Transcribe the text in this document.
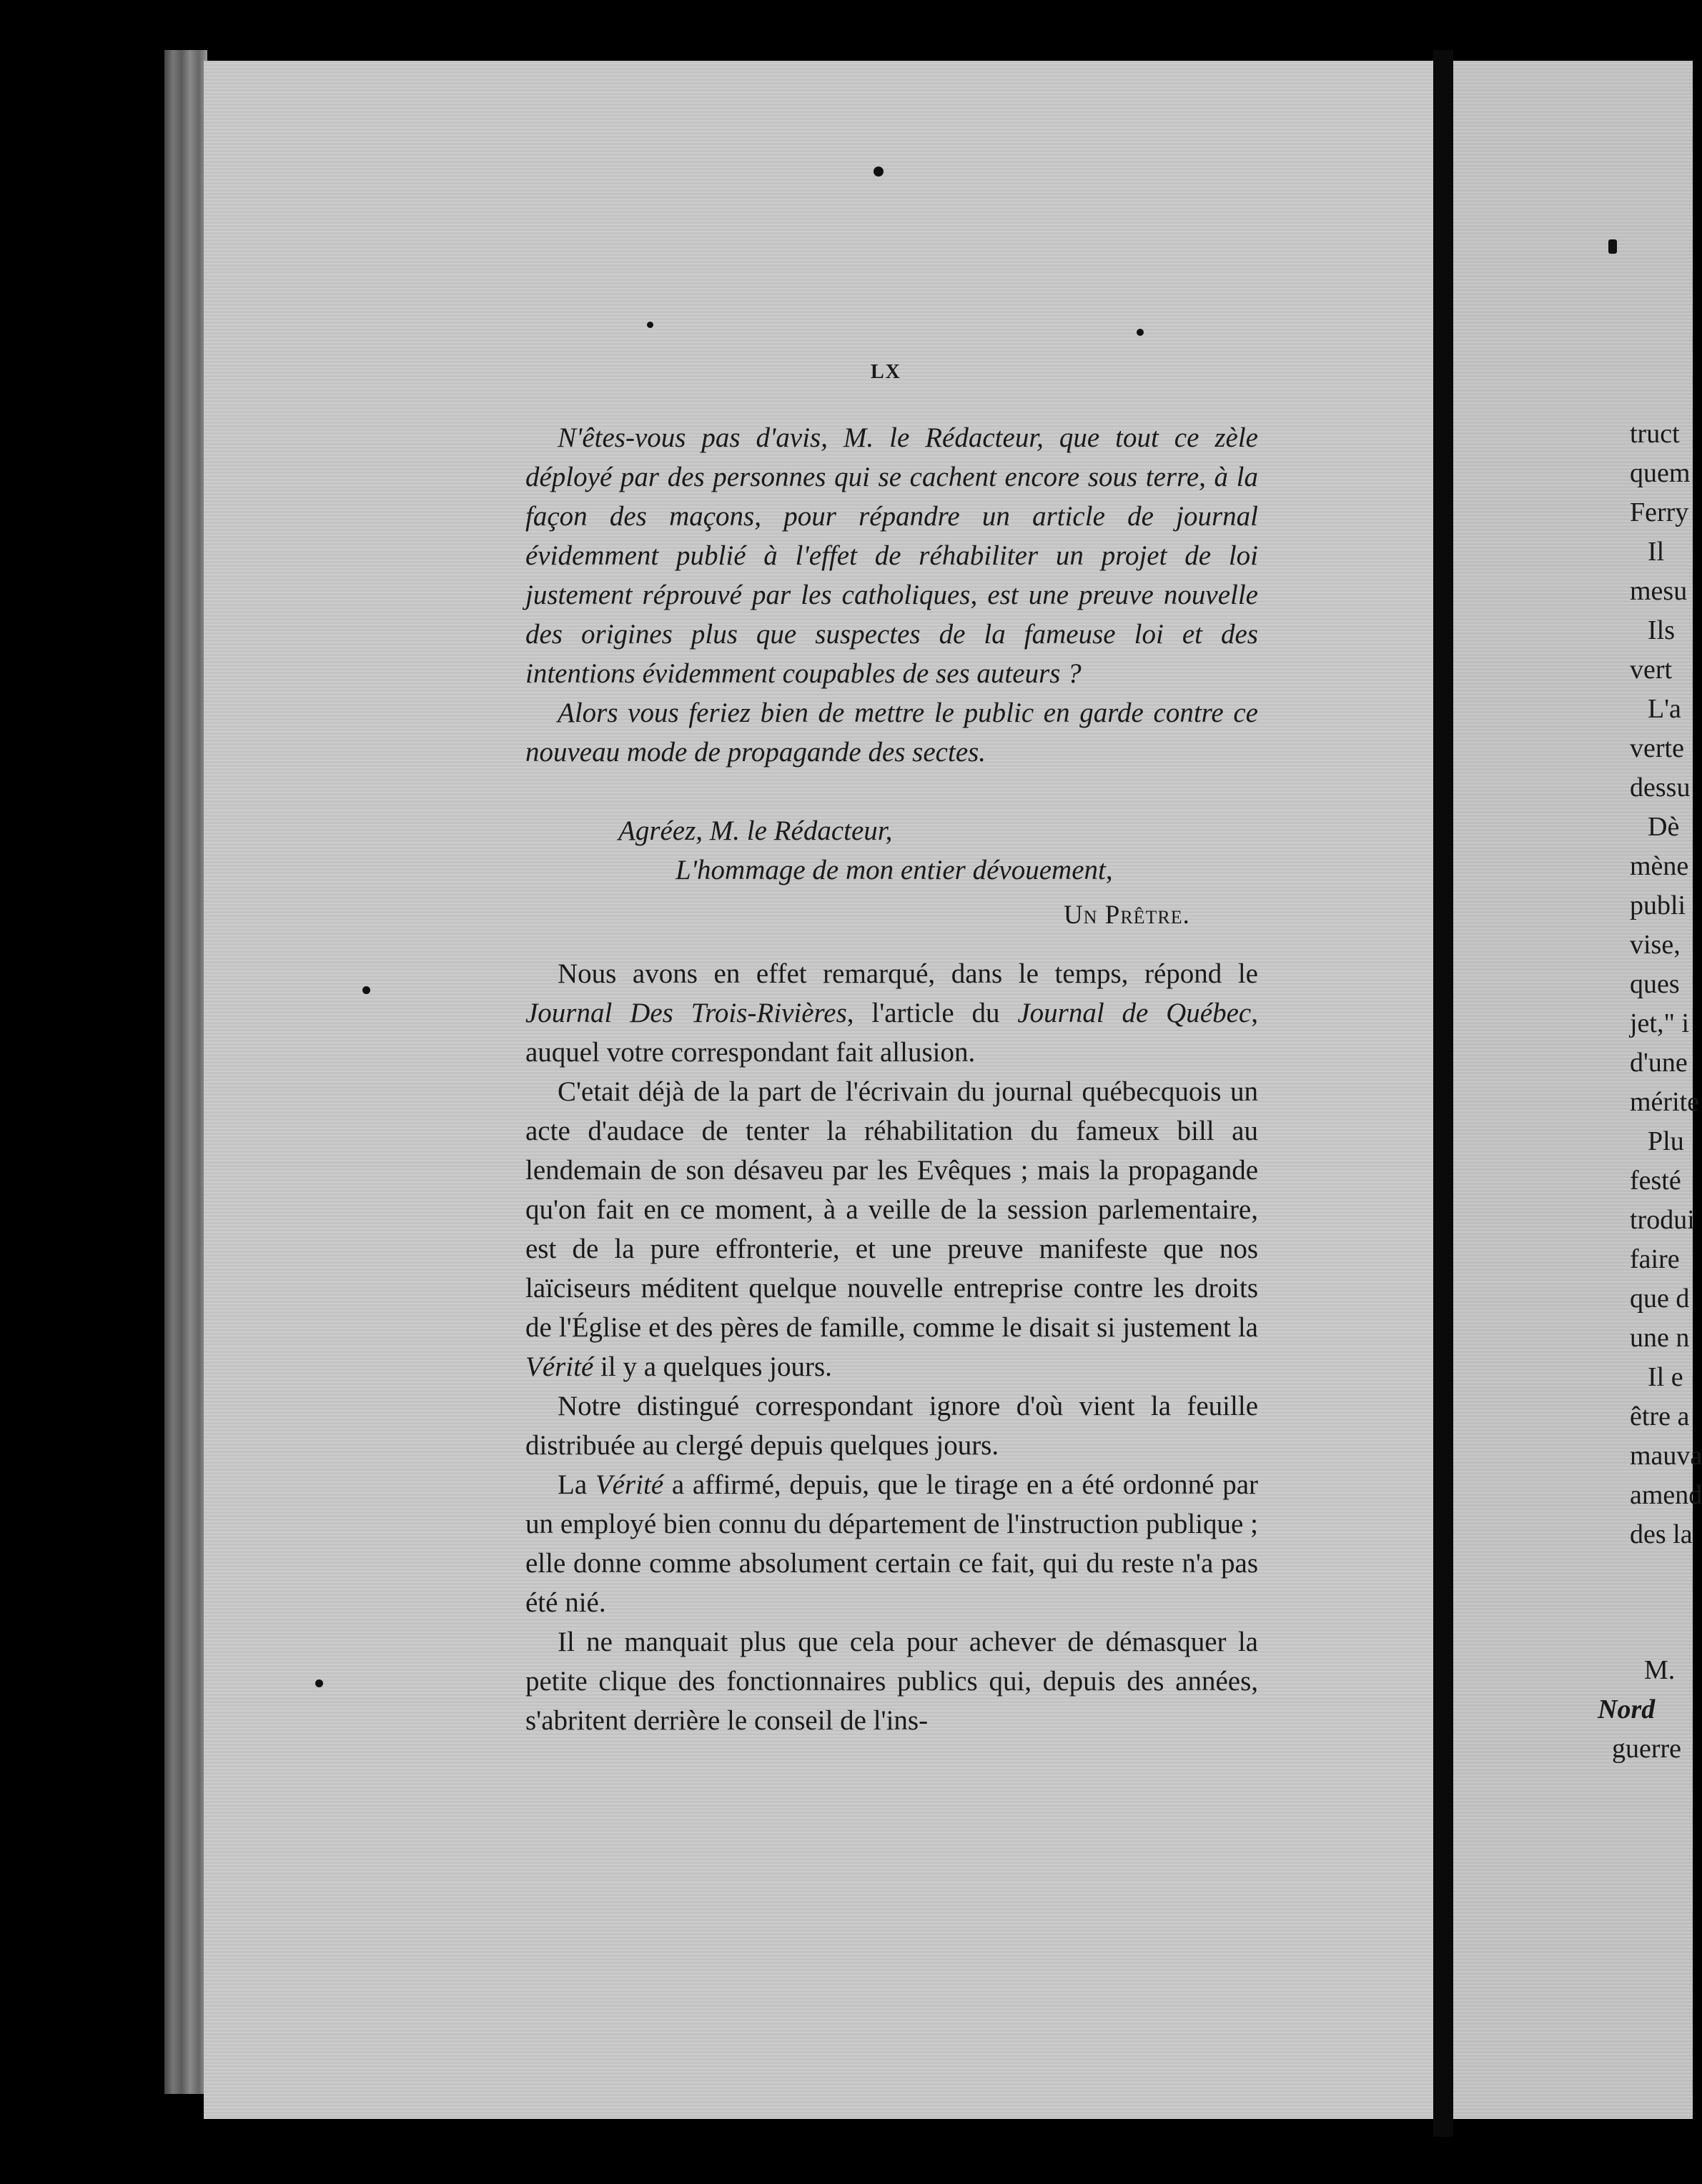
LX

N'êtes-vous pas d'avis, M. le Rédacteur, que tout ce zèle déployé par des personnes qui se cachent encore sous terre, à la façon des maçons, pour répandre un article de journal évidemment publié à l'effet de réhabiliter un projet de loi justement réprouvé par les catholiques, est une preuve nouvelle des origines plus que suspectes de la fameuse loi et des intentions évidemment coupables de ses auteurs ?

Alors vous feriez bien de mettre le public en garde contre ce nouveau mode de propagande des sectes.

Agréez, M. le Rédacteur,
L'hommage de mon entier dévouement,
Un Prêtre.

Nous avons en effet remarqué, dans le temps, répond le Journal Des Trois-Rivières, l'article du Journal de Québec, auquel votre correspondant fait allusion.

C'etait déjà de la part de l'écrivain du journal québecquois un acte d'audace de tenter la réhabilitation du fameux bill au lendemain de son désaveu par les Evêques ; mais la propagande qu'on fait en ce moment, à a veille de la session parlementaire, est de la pure effronterie, et une preuve manifeste que nos laïciseurs méditent quelque nouvelle entreprise contre les droits de l'Église et des pères de famille, comme le disait si justement la Vérité il y a quelques jours.

Notre distingué correspondant ignore d'où vient la feuille distribuée au clergé depuis quelques jours.

La Vérité a affirmé, depuis, que le tirage en a été ordonné par un employé bien connu du département de l'instruction publique ; elle donne comme absolument certain ce fait, qui du reste n'a pas été nié.

Il ne manquait plus que cela pour achever de démasquer la petite clique des fonctionnaires publics qui, depuis des années, s'abritent derrière le conseil de l'ins-

truct
quem
Ferry
Il
mesu
Ils
vert
L'a
verte
dessu
Dè
mène
publi
vise,
ques
jet," i
d'une
mérite
Plu
festé
trodui
faire
que d
une n
Il e
être a
mauva
amend
des la
M.
Nord
guerre
